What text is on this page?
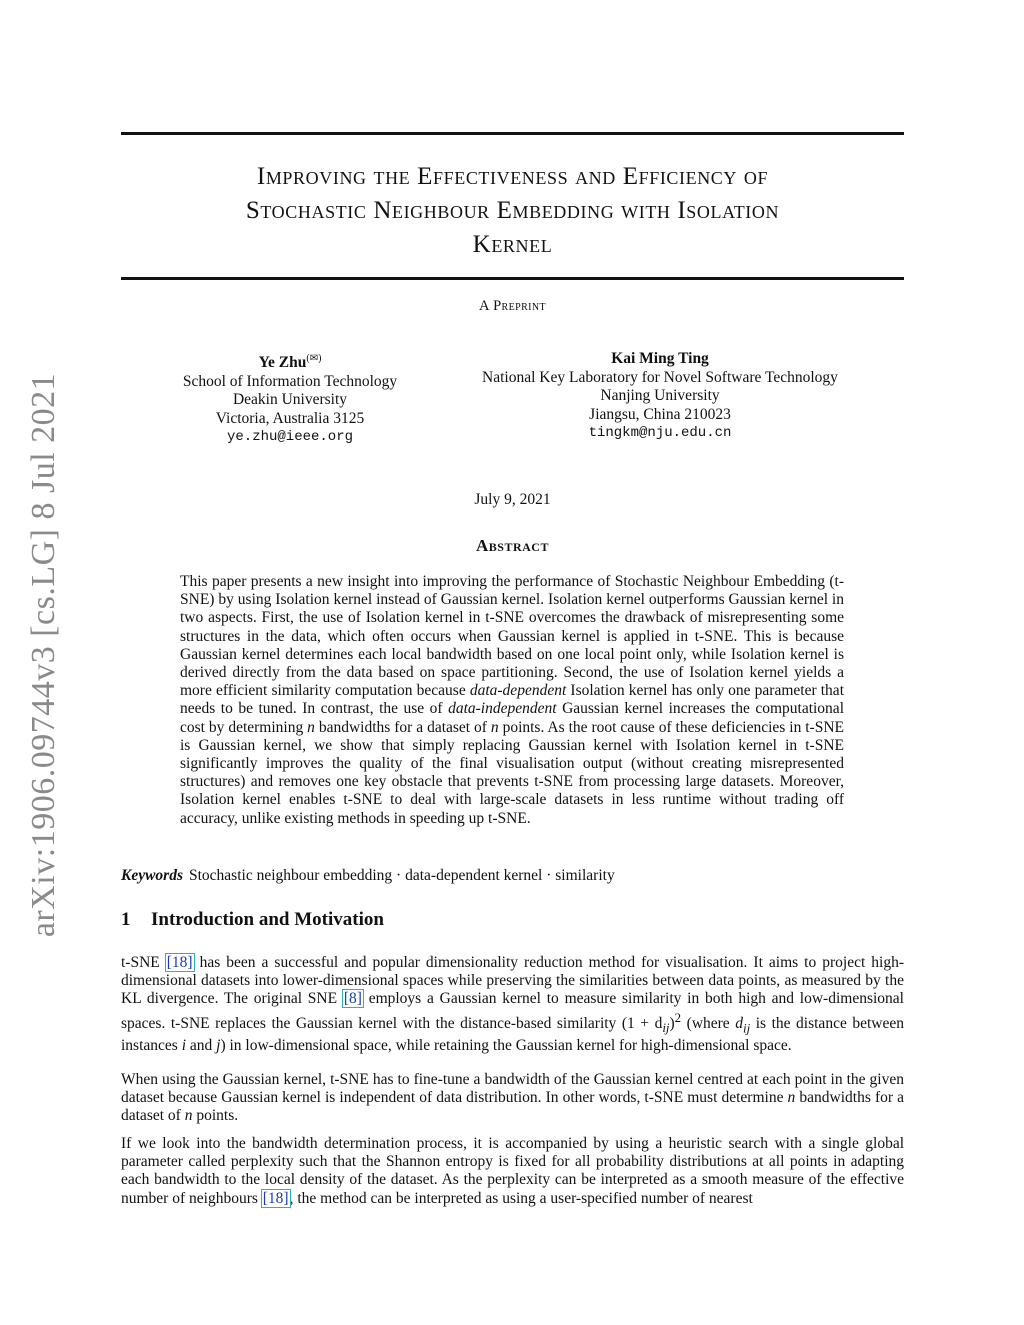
arXiv:1906.09744v3 [cs.LG] 8 Jul 2021
Improving the Effectiveness and Efficiency of
Stochastic Neighbour Embedding with Isolation
Kernel
A Preprint
Ye Zhu(✉)
School of Information Technology
Deakin University
Victoria, Australia 3125
ye.zhu@ieee.org
Kai Ming Ting
National Key Laboratory for Novel Software Technology
Nanjing University
Jiangsu, China 210023
tingkm@nju.edu.cn
July 9, 2021
Abstract

This paper presents a new insight into improving the performance of Stochastic Neighbour Embedding (t-SNE) by using Isolation kernel instead of Gaussian kernel. Isolation kernel outperforms Gaussian kernel in two aspects. First, the use of Isolation kernel in t-SNE overcomes the drawback of misrepresenting some structures in the data, which often occurs when Gaussian kernel is applied in t-SNE. This is because Gaussian kernel determines each local bandwidth based on one local point only, while Isolation kernel is derived directly from the data based on space partitioning. Second, the use of Isolation kernel yields a more efficient similarity computation because data-dependent Isolation kernel has only one parameter that needs to be tuned. In contrast, the use of data-independent Gaussian kernel increases the computational cost by determining n bandwidths for a dataset of n points. As the root cause of these deficiencies in t-SNE is Gaussian kernel, we show that simply replacing Gaussian kernel with Isolation kernel in t-SNE significantly improves the quality of the final visualisation output (without creating misrepresented structures) and removes one key obstacle that prevents t-SNE from processing large datasets. Moreover, Isolation kernel enables t-SNE to deal with large-scale datasets in less runtime without trading off accuracy, unlike existing methods in speeding up t-SNE.

Keywords Stochastic neighbour embedding · data-dependent kernel · similarity
1 Introduction and Motivation

t-SNE [18] has been a successful and popular dimensionality reduction method for visualisation. It aims to project high-dimensional datasets into lower-dimensional spaces while preserving the similarities between data points, as measured by the KL divergence. The original SNE [8] employs a Gaussian kernel to measure similarity in both high and low-dimensional spaces. t-SNE replaces the Gaussian kernel with the distance-based similarity $(1 + d_{ij})^2$ (where $d_{ij}$ is the distance between instances i and j) in low-dimensional space, while retaining the Gaussian kernel for high-dimensional space.

When using the Gaussian kernel, t-SNE has to fine-tune a bandwidth of the Gaussian kernel centred at each point in the given dataset because Gaussian kernel is independent of data distribution. In other words, t-SNE must determine n bandwidths for a dataset of n points.

If we look into the bandwidth determination process, it is accompanied by using a heuristic search with a single global parameter called perplexity such that the Shannon entropy is fixed for all probability distributions at all points in adapting each bandwidth to the local density of the dataset. As the perplexity can be interpreted as a smooth measure of the effective number of neighbours [18], the method can be interpreted as using a user-specified number of nearest
